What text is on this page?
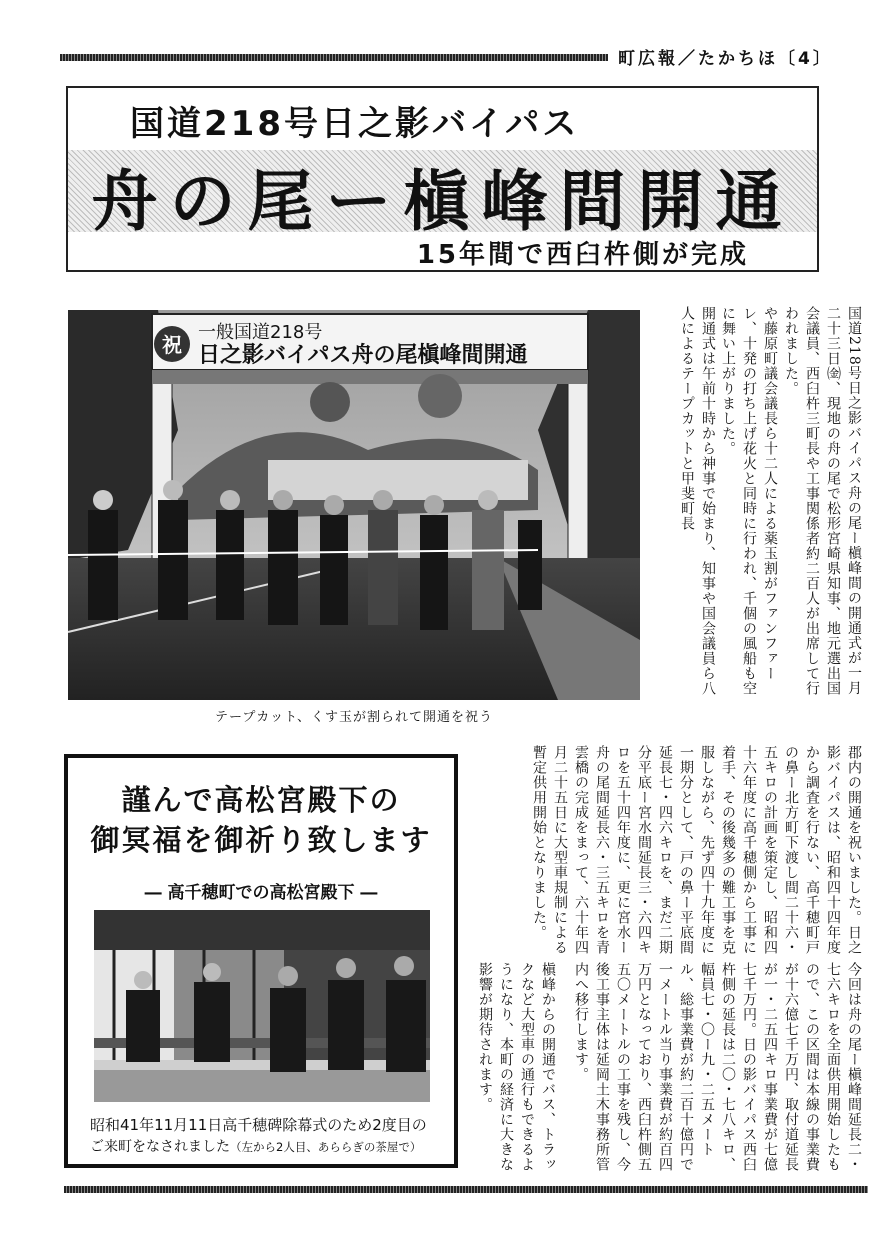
町広報／たかちほ〔4〕
国道218号日之影バイパス
舟の尾ー槇峰間開通
15年間で西臼杵側が完成
祝
一般国道218号
日之影バイパス舟の尾槇峰間開通
テープカット、くす玉が割られて開通を祝う
国道218号日之影バイパス舟の尾ー槇峰間の開通式が一月二十三日㈮、現地の舟の尾で松形宮崎県知事、地元選出国会議員、西臼杵三町長や工事関係者約二百人が出席して行われました。
開通式は午前十時から神事で始まり、知事や国会議員ら八人によるテープカットと甲斐町長	や藤原町議会議長ら十二人による薬玉割がファンファーレ、十発の打ち上げ花火と同時に行われ、千個の風船も空に舞い上がりました。
郡内の開通を祝いました。日之影バイパスは、昭和四十四年度から調査を行ない、高千穂町戸の鼻ー北方町下渡し間二十六・五キロの計画を策定し、昭和四十六年度に高千穂側から工事に着手、その後幾多の難工事を克服しながら、先ず四十九年度に一期分として、戸の鼻ー平底間延長七・四六キロを、まだ二期分平底ー宮水間延長三・六四キロを五十四年度に、更に宮水ー舟の尾間延長六・三五キロを青雲橋の完成をまって、六十年四月二十五日に大型車規制による暫定供用開始となりました。
今回は舟の尾ー槇峰間延長二・七六キロを全面供用開始したもので、この区間は本線の事業費が十六億七千万円、取付道延長が一・二五四キロ事業費が七億七千万円。日の影バイパス西臼杵側の延長は二〇・七八キロ、幅員七・〇ー九・二五メートル、総事業費が約二百十億円で一メートル当り事業費が約百四万円となっており、西臼杵側五五〇メートルの工事を残し、今後工事主体は延岡土木事務所管内へ移行します。
槇峰からの開通でバス、トラックなど大型車の通行もできるようになり、本町の経済に大きな影響が期待されます。
謹んで高松宮殿下の
御冥福を御祈り致します
― 高千穂町での高松宮殿下 ―
昭和41年11月11日高千穂碑除幕式のため2度目の
ご来町をなされました（左から2人目、あららぎの茶屋で）
